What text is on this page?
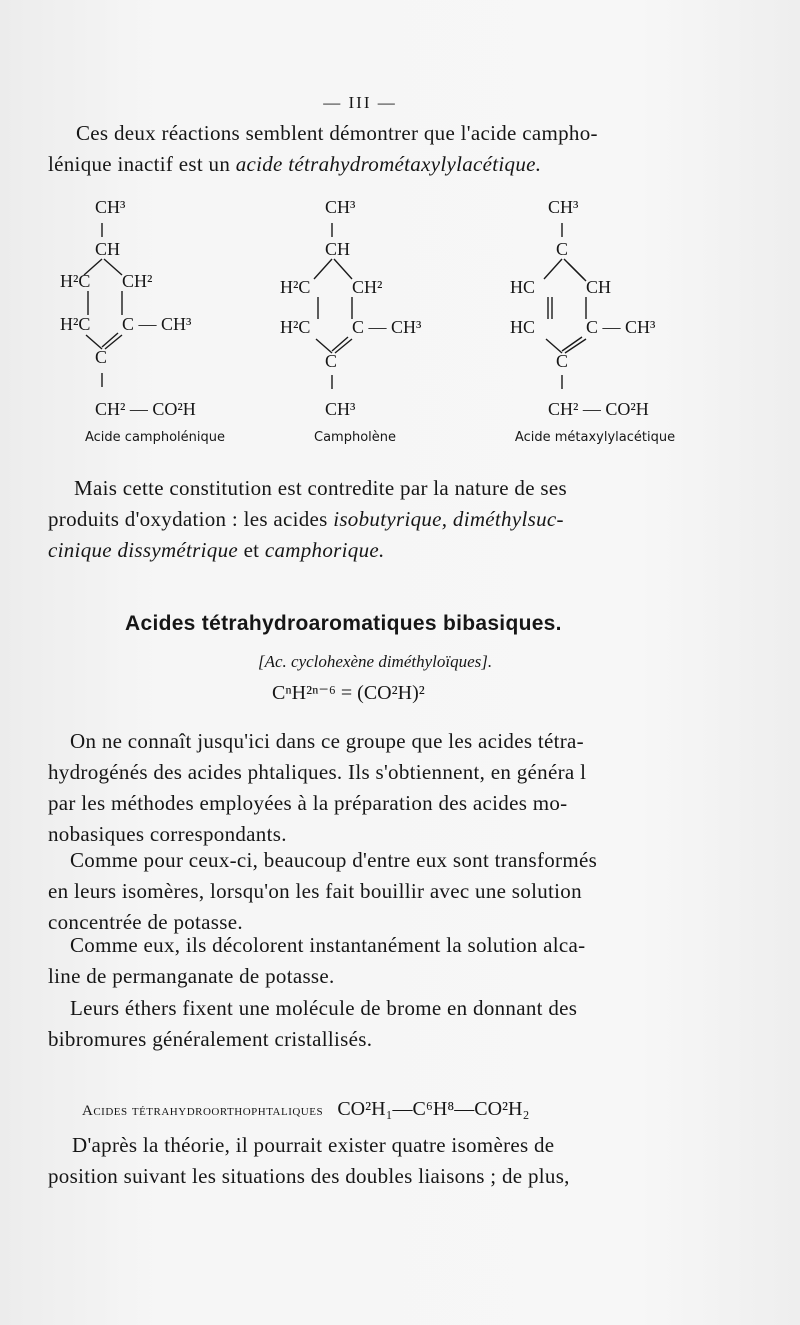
— III —
Ces deux réactions semblent démontrer que l'acide campho-
lénique inactif est un acide tétrahydrométaxylylacétique.
CH³
CH
H²C CH²
H²C C — CH³
C
CH² — CO²H
Acide campholénique
CH³
CH
H²C CH²
H²C C — CH³
C
CH³
Campholène
CH³
C
HC	CH
HC	C — CH³
C
CH² — CO²H
Acide métaxylylacétique
Mais cette constitution est contredite par la nature de ses
produits d'oxydation : les acides isobutyrique, diméthylsuc-
cinique dissymétrique et camphorique.
Acides tétrahydroaromatiques bibasiques.
[Ac. cyclohexène diméthyloïques].
CⁿH²ⁿ⁻⁶ = (CO²H)²
On ne connaît jusqu'ici dans ce groupe que les acides tétra-
hydrogénés des acides phtaliques. Ils s'obtiennent, en généra l
par les méthodes employées à la préparation des acides mo-
nobasiques correspondants.
Comme pour ceux-ci, beaucoup d'entre eux sont transformés
en leurs isomères, lorsqu'on les fait bouillir avec une solution
concentrée de potasse.
Comme eux, ils décolorent instantanément la solution alca-
line de permanganate de potasse.
Leurs éthers fixent une molécule de brome en donnant des
bibromures généralement cristallisés.
Acides tétrahydroorthophtaliques CO²H₁—C⁶H⁸—CO²H₂
D'après la théorie, il pourrait exister quatre isomères de
position suivant les situations des doubles liaisons ; de plus,
